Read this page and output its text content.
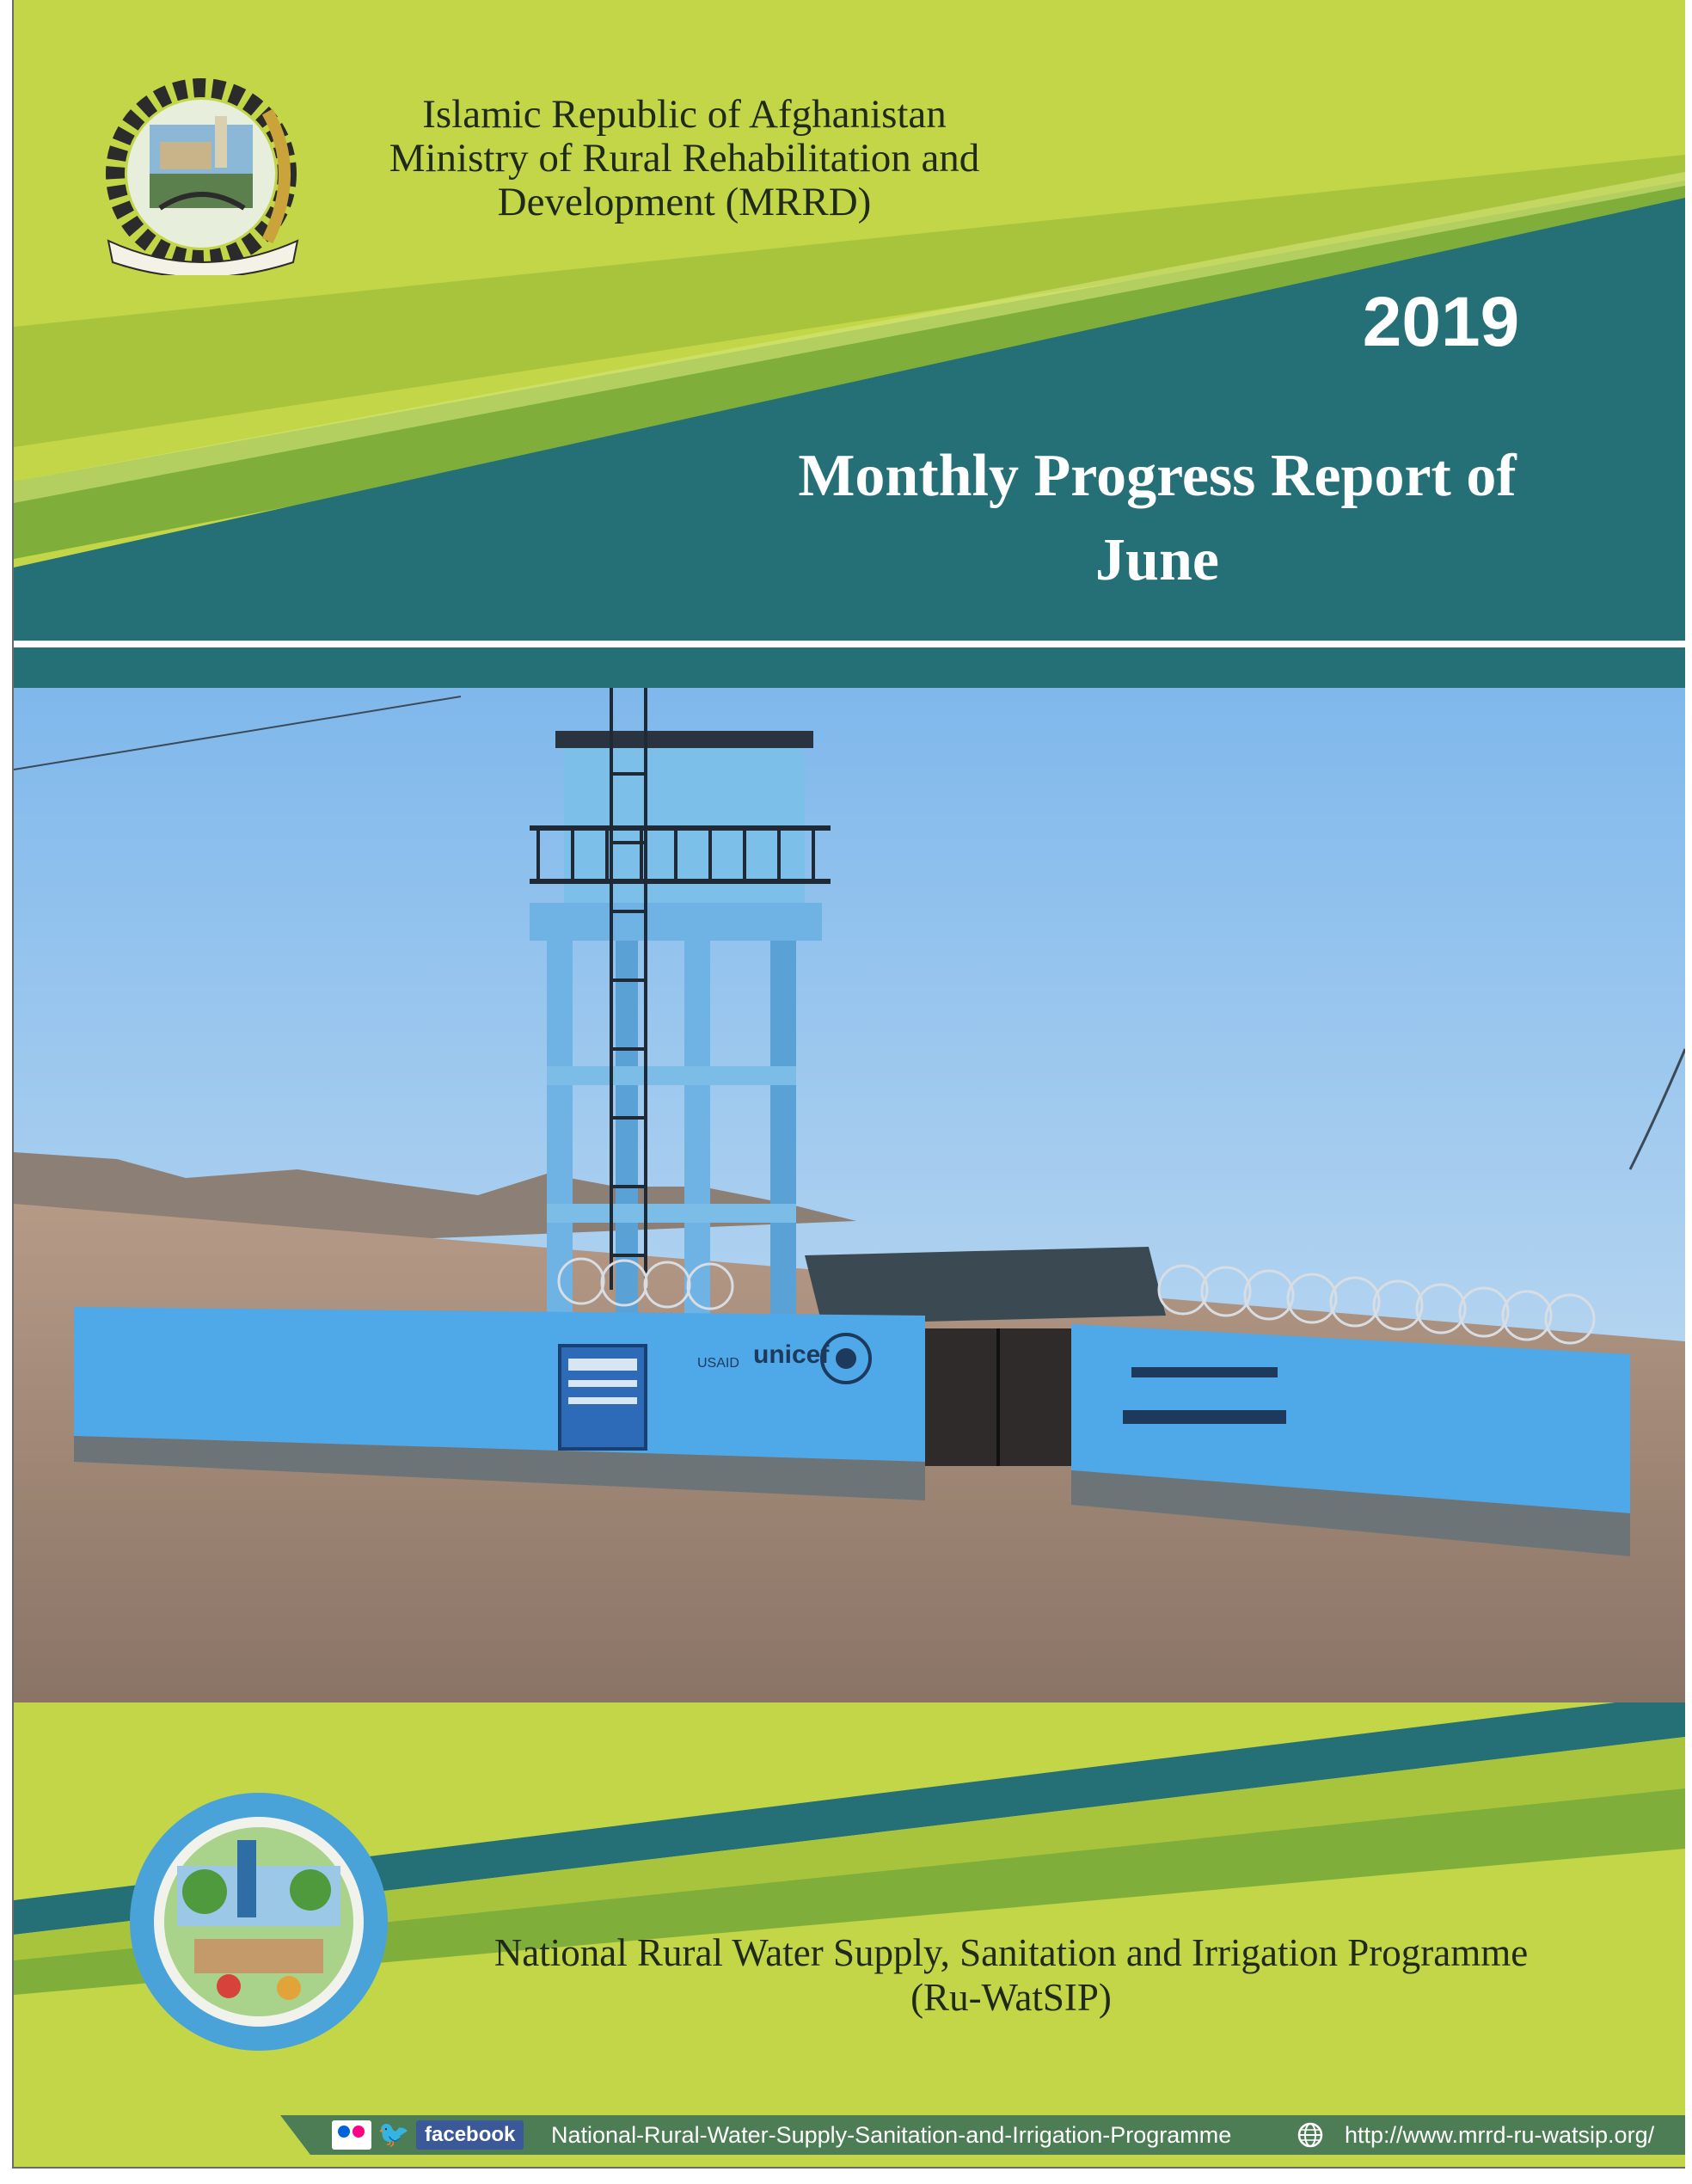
Islamic Republic of Afghanistan
Ministry of Rural Rehabilitation and
Development (MRRD)
2019
Monthly Progress Report of
June
USAID unicef
National Rural Water Supply, Sanitation and Irrigation Programme
(Ru-WatSIP)
🐦 facebook	National-Rural-Water-Supply-Sanitation-and-Irrigation-Programme	http://www.mrrd-ru-watsip.org/
